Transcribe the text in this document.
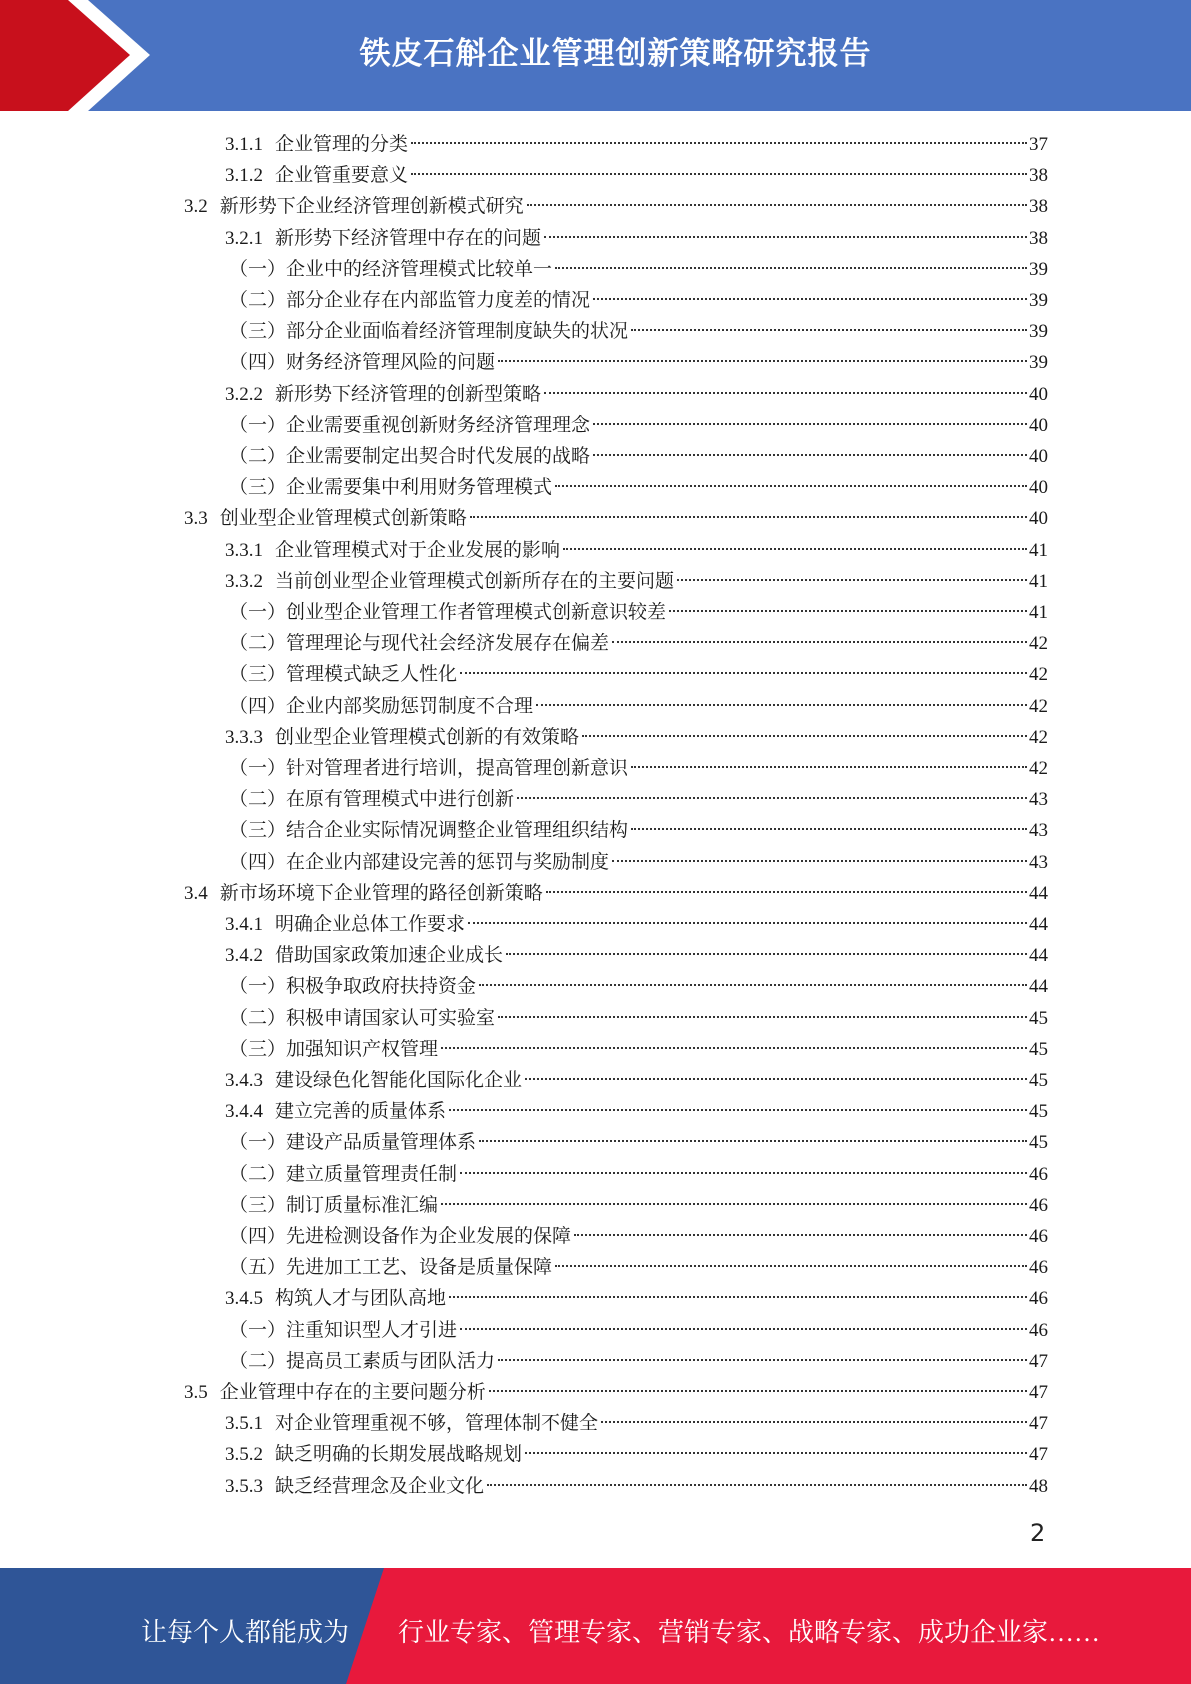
铁皮石斛企业管理创新策略研究报告
3.1.1 企业管理的分类	37
3.1.2 企业管重要意义	38
3.2 新形势下企业经济管理创新模式研究	38
3.2.1 新形势下经济管理中存在的问题	38
（一）企业中的经济管理模式比较单一	39
（二）部分企业存在内部监管力度差的情况	39
（三）部分企业面临着经济管理制度缺失的状况	39
（四）财务经济管理风险的问题	39
3.2.2 新形势下经济管理的创新型策略	40
（一）企业需要重视创新财务经济管理理念	40
（二）企业需要制定出契合时代发展的战略	40
（三）企业需要集中利用财务管理模式	40
3.3 创业型企业管理模式创新策略	40
3.3.1 企业管理模式对于企业发展的影响	41
3.3.2 当前创业型企业管理模式创新所存在的主要问题	41
（一）创业型企业管理工作者管理模式创新意识较差	41
（二）管理理论与现代社会经济发展存在偏差	42
（三）管理模式缺乏人性化	42
（四）企业内部奖励惩罚制度不合理	42
3.3.3 创业型企业管理模式创新的有效策略	42
（一）针对管理者进行培训，提高管理创新意识	42
（二）在原有管理模式中进行创新	43
（三）结合企业实际情况调整企业管理组织结构	43
（四）在企业内部建设完善的惩罚与奖励制度	43
3.4 新市场环境下企业管理的路径创新策略	44
3.4.1 明确企业总体工作要求	44
3.4.2 借助国家政策加速企业成长	44
（一）积极争取政府扶持资金	44
（二）积极申请国家认可实验室	45
（三）加强知识产权管理	45
3.4.3 建设绿色化智能化国际化企业	45
3.4.4 建立完善的质量体系	45
（一）建设产品质量管理体系	45
（二）建立质量管理责任制	46
（三）制订质量标准汇编	46
（四）先进检测设备作为企业发展的保障	46
（五）先进加工工艺、设备是质量保障	46
3.4.5 构筑人才与团队高地	46
（一）注重知识型人才引进	46
（二）提高员工素质与团队活力	47
3.5 企业管理中存在的主要问题分析	47
3.5.1 对企业管理重视不够，管理体制不健全	47
3.5.2 缺乏明确的长期发展战略规划	47
3.5.3 缺乏经营理念及企业文化	48
2
让每个人都能成为 行业专家、管理专家、营销专家、战略专家、成功企业家……
